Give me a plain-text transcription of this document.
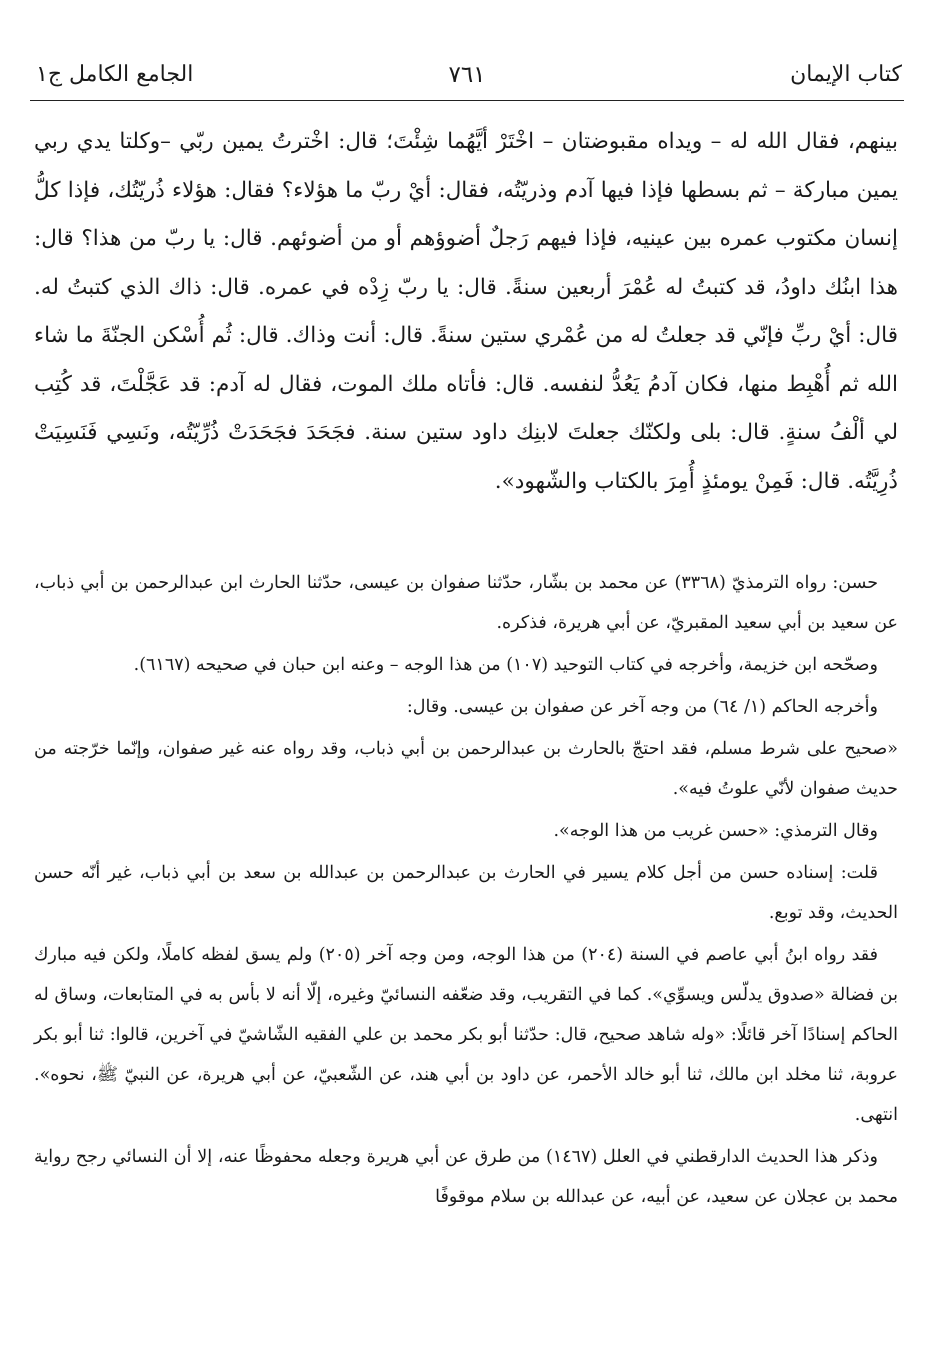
كتاب الإيمان
٧٦١
الجامع الكامل ج١

بينهم، فقال الله له – ويداه مقبوضتان – اخْتَرْ أيَّهُما شِئْتَ؛ قال: اخْترتُ يمين ربّي –وكلتا يدي ربي يمين مباركة – ثم بسطها فإذا فيها آدم وذريّتُه، فقال: أيْ ربّ ما هؤلاء؟ فقال: هؤلاء ذُريّتُك، فإذا كلُّ إنسان مكتوب عمره بين عينيه، فإذا فيهم رَجلٌ أضوؤهم أو من أضوئهم. قال: يا ربّ من هذا؟ قال: هذا ابنُك داودُ، قد كتبتُ له عُمْرَ أربعين سنةً. قال: يا ربّ زِدْه في عمره. قال: ذاك الذي كتبتُ له. قال: أيْ ربِّ فإنّي قد جعلتُ له من عُمْري ستين سنةً. قال: أنت وذاك. قال: ثُم أُسْكن الجنّةَ ما شاء الله ثم أُهْبِط منها، فكان آدمُ يَعُدُّ لنفسه. قال: فأتاه ملك الموت، فقال له آدم: قد عَجَّلْتَ، قد كُتِب لي ألْفُ سنةٍ. قال: بلى ولكنّك جعلتَ لابنِك داود ستين سنة. فجَحَدَ فجَحَدَتْ ذُرِّيّتُه، ونَسِي فَنَسِيَتْ ذُرِيَّتُه. قال: فَمِنْ يومئذٍ أُمِرَ بالكتاب والشّهود».

حسن: رواه الترمذيّ (٣٣٦٨) عن محمد بن بشّار، حدّثنا صفوان بن عيسى، حدّثنا الحارث ابن عبدالرحمن بن أبي ذباب، عن سعيد بن أبي سعيد المقبريّ، عن أبي هريرة، فذكره.

وصحّحه ابن خزيمة، وأخرجه في كتاب التوحيد (١٠٧) من هذا الوجه – وعنه ابن حبان في صحيحه (٦١٦٧).

وأخرجه الحاكم (١/ ٦٤) من وجه آخر عن صفوان بن عيسى. وقال:

«صحيح على شرط مسلم، فقد احتجّ بالحارث بن عبدالرحمن بن أبي ذباب، وقد رواه عنه غير صفوان، وإنّما خرّجته من حديث صفوان لأنّي علوتُ فيه».

وقال الترمذي: «حسن غريب من هذا الوجه».

قلت: إسناده حسن من أجل كلام يسير في الحارث بن عبدالرحمن بن عبدالله بن سعد بن أبي ذباب، غير أنّه حسن الحديث، وقد توبع.

فقد رواه ابنُ أبي عاصم في السنة (٢٠٤) من هذا الوجه، ومن وجه آخر (٢٠٥) ولم يسق لفظه كاملًا، ولكن فيه مبارك بن فضالة «صدوق يدلّس ويسوِّي». كما في التقريب، وقد ضعّفه النسائيّ وغيره، إلّا أنه لا بأس به في المتابعات، وساق له الحاكم إسنادًا آخر قائلًا: «وله شاهد صحيح، قال: حدّثنا أبو بكر محمد بن علي الفقيه الشّاشيّ في آخرين، قالوا: ثنا أبو بكر عروبة، ثنا مخلد ابن مالك، ثنا أبو خالد الأحمر، عن داود بن أبي هند، عن الشّعبيّ، عن أبي هريرة، عن النبيّ ﷺ، نحوه». انتهى.

وذكر هذا الحديث الدارقطني في العلل (١٤٦٧) من طرق عن أبي هريرة وجعله محفوظًا عنه، إلا أن النسائي رجح رواية محمد بن عجلان عن سعيد، عن أبيه، عن عبدالله بن سلام موقوفًا
